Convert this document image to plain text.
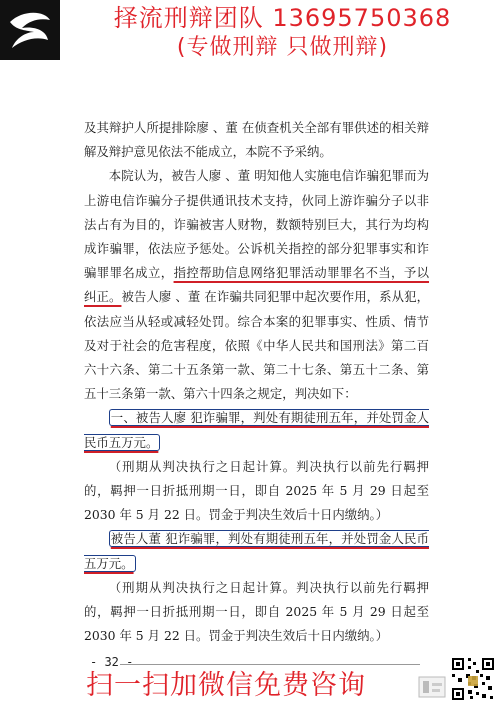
择流刑辩团队 13695750368
(专做刑辩 只做刑辩)

及其辩护人所提排除廖 、董 在侦查机关全部有罪供述的相关辩解及辩护意见依法不能成立，本院不予采纳。

本院认为，被告人廖 、董 明知他人实施电信诈骗犯罪而为上游电信诈骗分子提供通讯技术支持，伙同上游诈骗分子以非法占有为目的，诈骗被害人财物，数额特别巨大，其行为均构成诈骗罪，依法应予惩处。公诉机关指控的部分犯罪事实和诈骗罪罪名成立，指控帮助信息网络犯罪活动罪罪名不当，予以纠正。被告人廖 、董 在诈骗共同犯罪中起次要作用，系从犯，依法应当从轻或减轻处罚。综合本案的犯罪事实、性质、情节及对于社会的危害程度，依照《中华人民共和国刑法》第二百六十六条、第二十五条第一款、第二十七条、第五十二条、第五十三条第一款、第六十四条之规定，判决如下：

一、被告人廖 犯诈骗罪，判处有期徒刑五年，并处罚金人民币五万元。

（刑期从判决执行之日起计算。判决执行以前先行羁押的，羁押一日折抵刑期一日，即自 2025 年 5 月 29 日起至 2030 年 5 月 22 日。罚金于判决生效后十日内缴纳。）

被告人董 犯诈骗罪，判处有期徒刑五年，并处罚金人民币五万元。

（刑期从判决执行之日起计算。判决执行以前先行羁押的，羁押一日折抵刑期一日，即自 2025 年 5 月 29 日起至 2030 年 5 月 22 日。罚金于判决生效后十日内缴纳。）

- 32 -
扫一扫加微信免费咨询
